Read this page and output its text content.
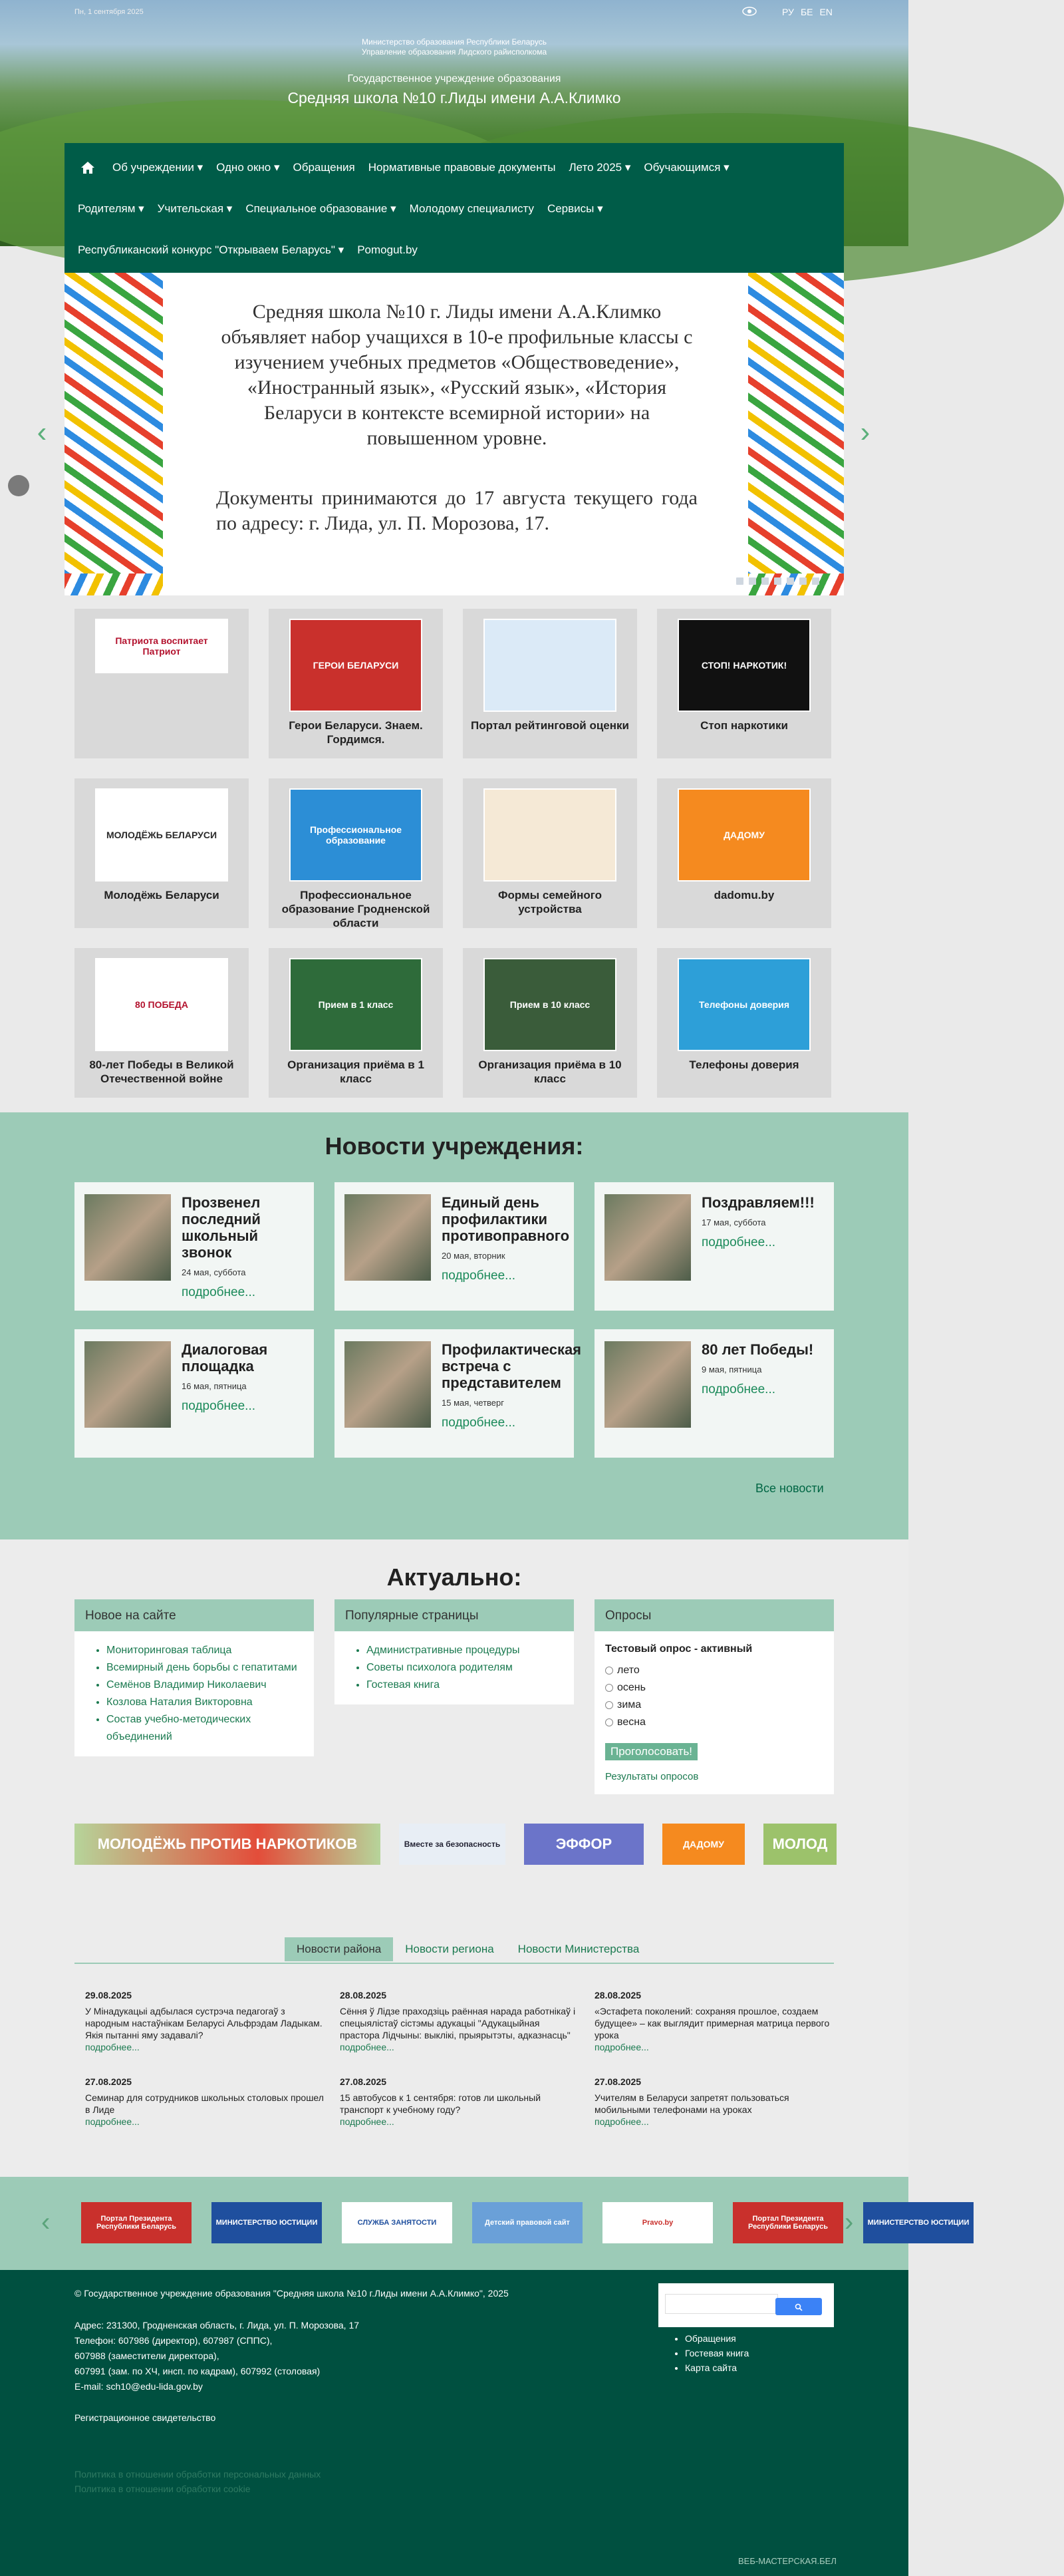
Пн, 1 сентября 2025	РУ БЕ EN
Министерство образования Республики Беларусь
Управление образования Лидского райисполкома
Государственное учреждение образования
Средняя школа №10 г.Лиды имени А.А.Климко
Об учреждении ▾	Одно окно ▾	Обращения	Нормативные правовые документы	Лето 2025 ▾	Обучающимся ▾
Родителям ▾	Учительская ▾	Специальное образование ▾	Молодому специалисту	Сервисы ▾
Республиканский конкурс "Открываем Беларусь" ▾	Pomogut.by
‹	›
Средняя школа №10 г. Лиды имени А.А.Климко объявляет набор учащихся в 10-е профильные классы с изучением учебных предметов «Обществоведение», «Иностранный язык», «Русский язык», «История Беларуси в контексте всемирной истории» на повышенном уровне.
Документы принимаются до 17 августа текущего года по адресу: г. Лида, ул. П. Морозова, 17.
Патриота воспитает Патриот
ГЕРОИ БЕЛАРУСИ
Герои Беларуси. Знаем. Гордимся.
Портал рейтинговой оценки
СТОП! НАРКОТИК!
Стоп наркотики
МОЛОДЁЖЬ БЕЛАРУСИ
Молодёжь Беларуси
Профессиональное образование
Профессиональное образование Гродненской области
Формы семейного устройства
ДАДОМУ
dadomu.by
80 ПОБЕДА
80-лет Победы в Великой Отечественной войне
Прием в 1 класс
Организация приёма в 1 класс
Прием в 10 класс
Организация приёма в 10 класс
Телефоны доверия
Телефоны доверия
Новости учреждения:
Прозвенел последний школьный звонок
24 мая, суббота
подробнее...
Единый день профилактики противоправного
20 мая, вторник
подробнее...
Поздравляем!!!
17 мая, суббота
подробнее...
Диалоговая площадка
16 мая, пятница
подробнее...
Профилактическая встреча с представителем
15 мая, четверг
подробнее...
80 лет Победы!
9 мая, пятница
подробнее...
Все новости
Актуально:
Новое на сайте
• Мониторинговая таблица
• Всемирный день борьбы с гепатитами
• Семёнов Владимир Николаевич
• Козлова Наталия Викторовна
• Состав учебно-методических объединений
Популярные страницы
• Административные процедуры
• Советы психолога родителям
• Гостевая книга
Опросы
Тестовый опрос - активный
лето
осень
зима
весна
Проголосовать!
Результаты опросов
МОЛОДЁЖЬ ПРОТИВ НАРКОТИКОВ	Вместе за безопасность	ЭФФОР	ДАДОМУ	МОЛОД
Новости района	Новости региона	Новости Министерства
29.08.2025
У Мінадукацыі адбылася сустрэча педагогаў з народным настаўнікам Беларусі Альфрэдам Ладыкам. Якія пытанні яму задавалі?
подробнее...
28.08.2025
Сёння ў Лідзе праходзіць раённая нарада работнікаў і спецыялістаў сістэмы адукацыі "Адукацыйная прастора Лідчыны: выклікі, прыярытэты, адказнасць"
подробнее...
28.08.2025
«Эстафета поколений: сохраняя прошлое, создаем будущее» – как выглядит примерная матрица первого урока
подробнее...
27.08.2025
Семинар для сотрудников школьных столовых прошел в Лиде
подробнее...
27.08.2025
15 автобусов к 1 сентября: готов ли школьный транспорт к учебному году?
подробнее...
27.08.2025
Учителям в Беларуси запретят пользоваться мобильными телефонами на уроках
подробнее...
‹	›
Портал Президента Республики Беларусь	МИНИСТЕРСТВО ЮСТИЦИИ	СЛУЖБА ЗАНЯТОСТИ	Детский правовой сайт	Pravo.by	Портал Президента Республики Беларусь	МИНИСТЕРСТВО ЮСТИЦИИ
© Государственное учреждение образования "Средняя школа №10 г.Лиды имени А.А.Климко", 2025
Адрес: 231300, Гродненская область, г. Лида, ул. П. Морозова, 17
Телефон: 607986 (директор), 607987 (СППС),
607988 (заместители директора),
607991 (зам. по ХЧ, инсп. по кадрам), 607992 (столовая)
E-mail: sch10@edu-lida.gov.by
Регистрационное свидетельство
Политика в отношении обработки персональных данных
Политика в отношении обработки cookie
• Обращения
• Гостевая книга
• Карта сайта
ВЕБ-МАСТЕРСКАЯ.БЕЛ
